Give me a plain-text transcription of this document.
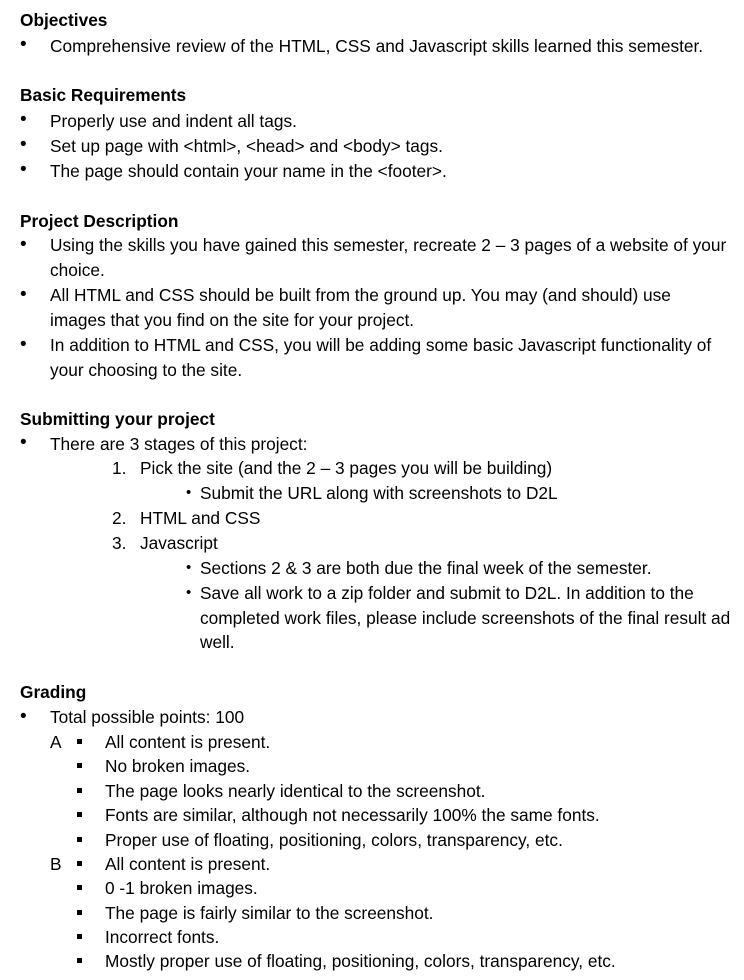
Objectives
• Comprehensive review of the HTML, CSS and Javascript skills learned this semester.
Basic Requirements
• Properly use and indent all tags.
• Set up page with <html>, <head> and <body> tags.
• The page should contain your name in the <footer>.
Project Description
• Using the skills you have gained this semester, recreate 2 – 3 pages of a website of your choice.
• All HTML and CSS should be built from the ground up. You may (and should) use images that you find on the site for your project.
• In addition to HTML and CSS, you will be adding some basic Javascript functionality of your choosing to the site.
Submitting your project
• There are 3 stages of this project:
1. Pick the site (and the 2 – 3 pages you will be building)
• Submit the URL along with screenshots to D2L
2. HTML and CSS
3. Javascript
• Sections 2 & 3 are both due the final week of the semester.
• Save all work to a zip folder and submit to D2L. In addition to the completed work files, please include screenshots of the final result ad well.
Grading
• Total possible points: 100
A	All content is present.
No broken images.
The page looks nearly identical to the screenshot.
Fonts are similar, although not necessarily 100% the same fonts.
Proper use of floating, positioning, colors, transparency, etc.
B	All content is present.
0 -1 broken images.
The page is fairly similar to the screenshot.
Incorrect fonts.
Mostly proper use of floating, positioning, colors, transparency, etc.
